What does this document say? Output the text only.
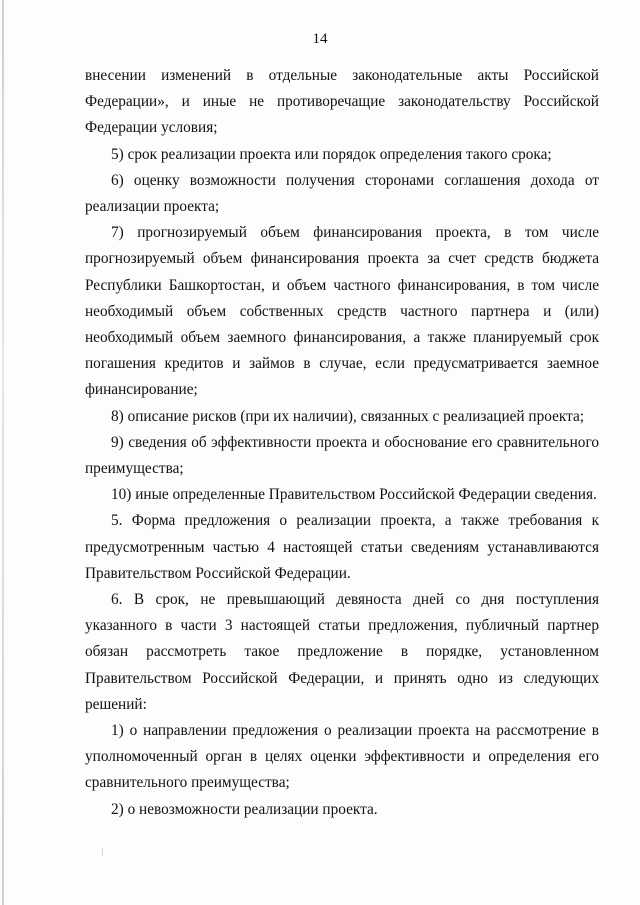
14

внесении изменений в отдельные законодательные акты Российской Федерации», и иные не противоречащие законодательству Российской Федерации условия;

5) срок реализации проекта или порядок определения такого срока;

6) оценку возможности получения сторонами соглашения дохода от реализации проекта;

7) прогнозируемый объем финансирования проекта, в том числе прогнозируемый объем финансирования проекта за счет средств бюджета Республики Башкортостан, и объем частного финансирования, в том числе необходимый объем собственных средств частного партнера и (или) необходимый объем заемного финансирования, а также планируемый срок погашения кредитов и займов в случае, если предусматривается заемное финансирование;

8) описание рисков (при их наличии), связанных с реализацией проекта;

9) сведения об эффективности проекта и обоснование его сравнительного преимущества;

10) иные определенные Правительством Российской Федерации сведения.

5. Форма предложения о реализации проекта, а также требования к предусмотренным частью 4 настоящей статьи сведениям устанавливаются Правительством Российской Федерации.

6. В срок, не превышающий девяноста дней со дня поступления указанного в части 3 настоящей статьи предложения, публичный партнер обязан рассмотреть такое предложение в порядке, установленном Правительством Российской Федерации, и принять одно из следующих решений:

1) о направлении предложения о реализации проекта на рассмотрение в уполномоченный орган в целях оценки эффективности и определения его сравнительного преимущества;

2) о невозможности реализации проекта.
